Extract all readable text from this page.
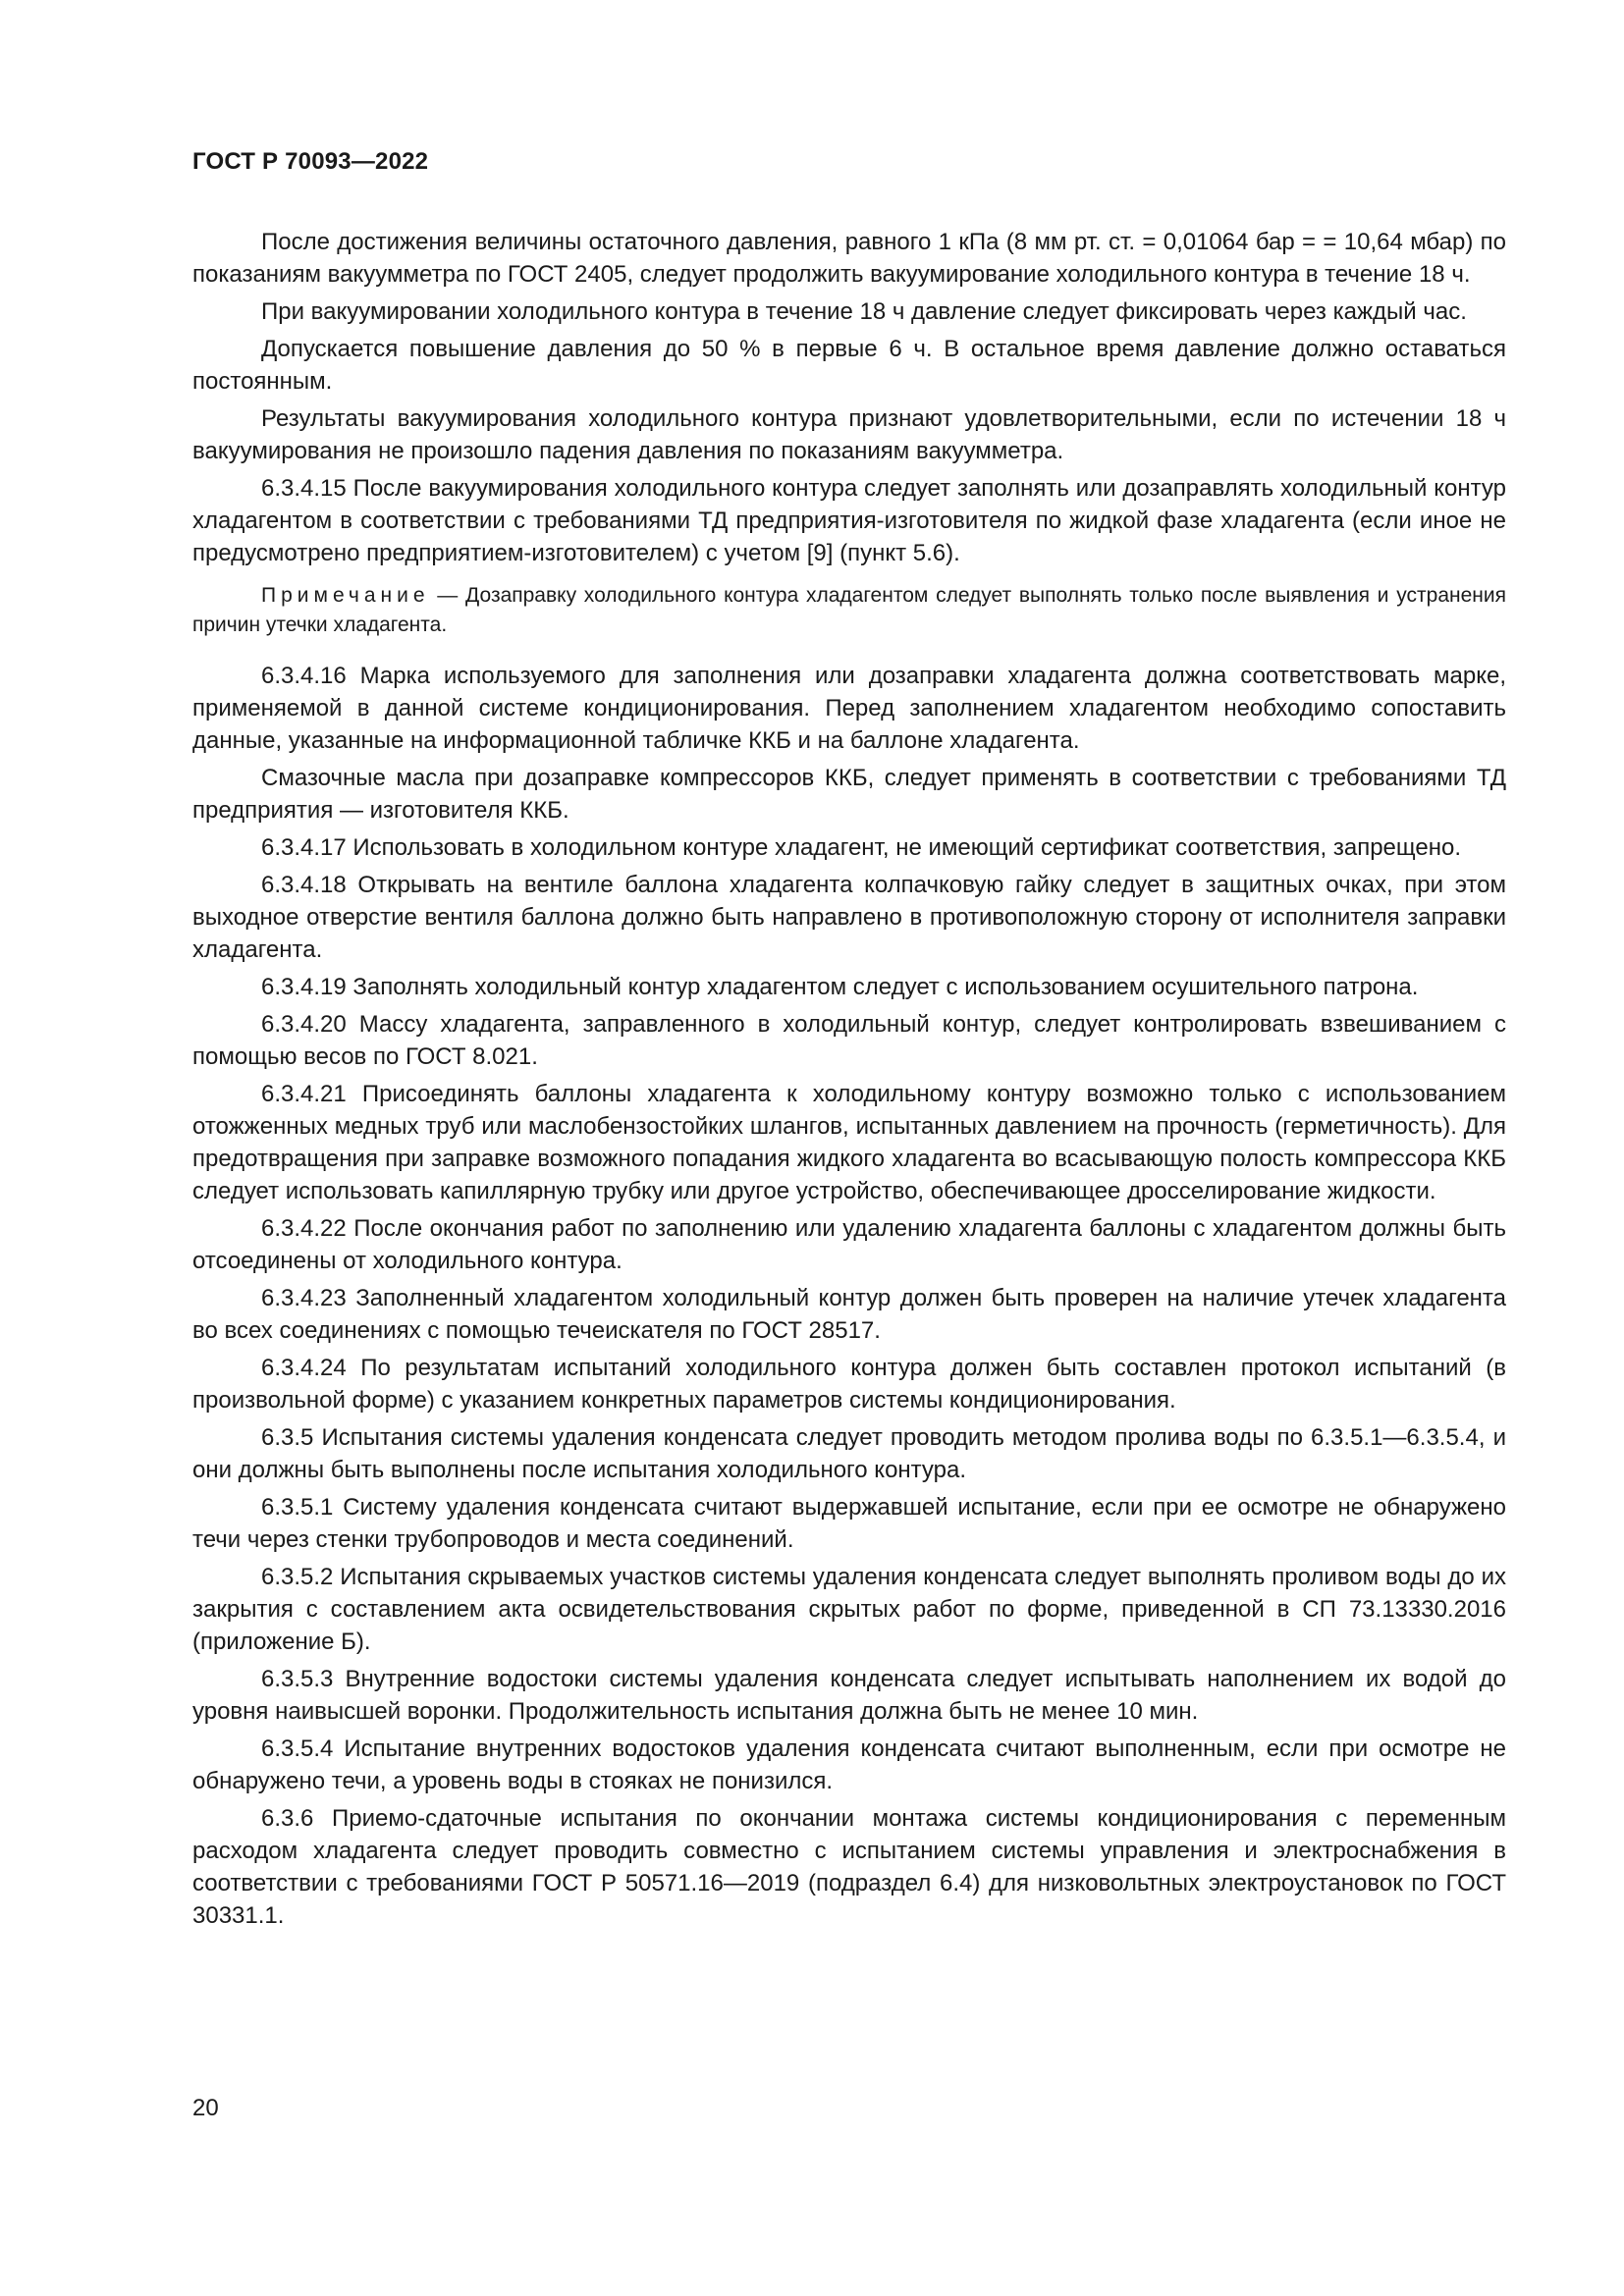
ГОСТ Р 70093—2022

После достижения величины остаточного давления, равного 1 кПа (8 мм рт. ст. = 0,01064 бар = = 10,64 мбар) по показаниям вакуумметра по ГОСТ 2405, следует продолжить вакуумирование холодильного контура в течение 18 ч.

При вакуумировании холодильного контура в течение 18 ч давление следует фиксировать через каждый час.

Допускается повышение давления до 50 % в первые 6 ч. В остальное время давление должно оставаться постоянным.

Результаты вакуумирования холодильного контура признают удовлетворительными, если по истечении 18 ч вакуумирования не произошло падения давления по показаниям вакуумметра.

6.3.4.15 После вакуумирования холодильного контура следует заполнять или дозаправлять холодильный контур хладагентом в соответствии с требованиями ТД предприятия-изготовителя по жидкой фазе хладагента (если иное не предусмотрено предприятием-изготовителем) с учетом [9] (пункт 5.6).

Примечание — Дозаправку холодильного контура хладагентом следует выполнять только после выявления и устранения причин утечки хладагента.

6.3.4.16 Марка используемого для заполнения или дозаправки хладагента должна соответствовать марке, применяемой в данной системе кондиционирования. Перед заполнением хладагентом необходимо сопоставить данные, указанные на информационной табличке ККБ и на баллоне хладагента.

Смазочные масла при дозаправке компрессоров ККБ, следует применять в соответствии с требованиями ТД предприятия — изготовителя ККБ.

6.3.4.17 Использовать в холодильном контуре хладагент, не имеющий сертификат соответствия, запрещено.

6.3.4.18 Открывать на вентиле баллона хладагента колпачковую гайку следует в защитных очках, при этом выходное отверстие вентиля баллона должно быть направлено в противоположную сторону от исполнителя заправки хладагента.

6.3.4.19 Заполнять холодильный контур хладагентом следует с использованием осушительного патрона.

6.3.4.20 Массу хладагента, заправленного в холодильный контур, следует контролировать взвешиванием с помощью весов по ГОСТ 8.021.

6.3.4.21 Присоединять баллоны хладагента к холодильному контуру возможно только с использованием отожженных медных труб или маслобензостойких шлангов, испытанных давлением на прочность (герметичность). Для предотвращения при заправке возможного попадания жидкого хладагента во всасывающую полость компрессора ККБ следует использовать капиллярную трубку или другое устройство, обеспечивающее дросселирование жидкости.

6.3.4.22 После окончания работ по заполнению или удалению хладагента баллоны с хладагентом должны быть отсоединены от холодильного контура.

6.3.4.23 Заполненный хладагентом холодильный контур должен быть проверен на наличие утечек хладагента во всех соединениях с помощью течеискателя по ГОСТ 28517.

6.3.4.24 По результатам испытаний холодильного контура должен быть составлен протокол испытаний (в произвольной форме) с указанием конкретных параметров системы кондиционирования.

6.3.5 Испытания системы удаления конденсата следует проводить методом пролива воды по 6.3.5.1—6.3.5.4, и они должны быть выполнены после испытания холодильного контура.

6.3.5.1 Систему удаления конденсата считают выдержавшей испытание, если при ее осмотре не обнаружено течи через стенки трубопроводов и места соединений.

6.3.5.2 Испытания скрываемых участков системы удаления конденсата следует выполнять проливом воды до их закрытия с составлением акта освидетельствования скрытых работ по форме, приведенной в СП 73.13330.2016 (приложение Б).

6.3.5.3 Внутренние водостоки системы удаления конденсата следует испытывать наполнением их водой до уровня наивысшей воронки. Продолжительность испытания должна быть не менее 10 мин.

6.3.5.4 Испытание внутренних водостоков удаления конденсата считают выполненным, если при осмотре не обнаружено течи, а уровень воды в стояках не понизился.

6.3.6 Приемо-сдаточные испытания по окончании монтажа системы кондиционирования с переменным расходом хладагента следует проводить совместно с испытанием системы управления и электроснабжения в соответствии с требованиями ГОСТ Р 50571.16—2019 (подраздел 6.4) для низковольтных электроустановок по ГОСТ 30331.1.

20
